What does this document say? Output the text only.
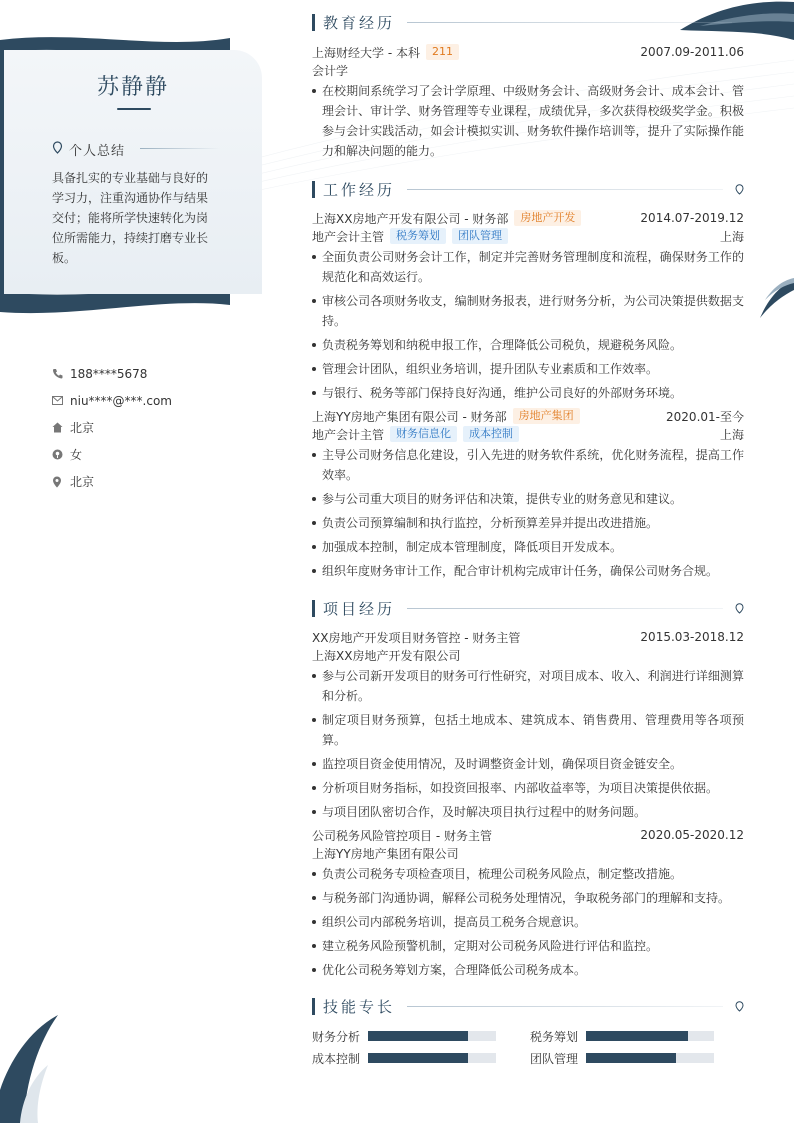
苏静静
个人总结
具备扎实的专业基础与良好的学习力，注重沟通协作与结果交付；能将所学快速转化为岗位所需能力，持续打磨专业长板。
188****5678
niu****@***.com
北京
女
北京
教育经历
上海财经大学 - 本科	211	2007.09-2011.06
会计学
在校期间系统学习了会计学原理、中级财务会计、高级财务会计、成本会计、管理会计、审计学、财务管理等专业课程，成绩优异，多次获得校级奖学金。积极参与会计实践活动，如会计模拟实训、财务软件操作培训等，提升了实际操作能力和解决问题的能力。
工作经历
上海XX房地产开发有限公司 - 财务部	房地产开发	2014.07-2019.12
地产会计主管	税务筹划	团队管理	上海
全面负责公司财务会计工作，制定并完善财务管理制度和流程，确保财务工作的规范化和高效运行。
审核公司各项财务收支，编制财务报表，进行财务分析，为公司决策提供数据支持。
负责税务筹划和纳税申报工作，合理降低公司税负，规避税务风险。
管理会计团队，组织业务培训，提升团队专业素质和工作效率。
与银行、税务等部门保持良好沟通，维护公司良好的外部财务环境。
上海YY房地产集团有限公司 - 财务部	房地产集团	2020.01-至今
地产会计主管	财务信息化	成本控制	上海
主导公司财务信息化建设，引入先进的财务软件系统，优化财务流程，提高工作效率。
参与公司重大项目的财务评估和决策，提供专业的财务意见和建议。
负责公司预算编制和执行监控，分析预算差异并提出改进措施。
加强成本控制，制定成本管理制度，降低项目开发成本。
组织年度财务审计工作，配合审计机构完成审计任务，确保公司财务合规。
项目经历
XX房地产开发项目财务管控 - 财务主管	2015.03-2018.12
上海XX房地产开发有限公司
参与公司新开发项目的财务可行性研究，对项目成本、收入、利润进行详细测算和分析。
制定项目财务预算，包括土地成本、建筑成本、销售费用、管理费用等各项预算。
监控项目资金使用情况，及时调整资金计划，确保项目资金链安全。
分析项目财务指标，如投资回报率、内部收益率等，为项目决策提供依据。
与项目团队密切合作，及时解决项目执行过程中的财务问题。
公司税务风险管控项目 - 财务主管	2020.05-2020.12
上海YY房地产集团有限公司
负责公司税务专项检查项目，梳理公司税务风险点，制定整改措施。
与税务部门沟通协调，解释公司税务处理情况，争取税务部门的理解和支持。
组织公司内部税务培训，提高员工税务合规意识。
建立税务风险预警机制，定期对公司税务风险进行评估和监控。
优化公司税务筹划方案，合理降低公司税务成本。
技能专长
财务分析	税务筹划
成本控制	团队管理
